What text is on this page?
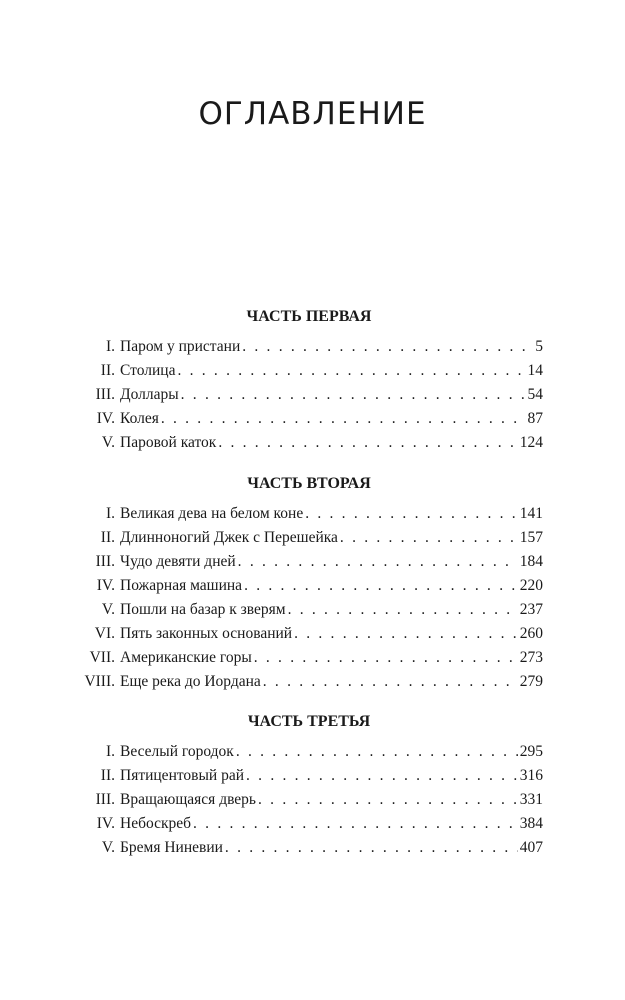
ОГЛАВЛЕНИЕ
ЧАСТЬ ПЕРВАЯ
I. Паром у пристани . . .	5
II. Столица . . .	14
III. Доллары . . .	54
IV. Колея . . .	87
V. Паровой каток . . .	124
ЧАСТЬ ВТОРАЯ
I. Великая дева на белом коне . . .	141
II. Длинноногий Джек с Перешейка . . .	157
III. Чудо девяти дней . . .	184
IV. Пожарная машина . . .	220
V. Пошли на базар к зверям . . .	237
VI. Пять законных оснований . . .	260
VII. Американские горы . . .	273
VIII. Еще река до Иордана . . .	279
ЧАСТЬ ТРЕТЬЯ
I. Веселый городок . . .	295
II. Пятицентовый рай . . .	316
III. Вращающаяся дверь . . .	331
IV. Небоскреб . . .	384
V. Бремя Ниневии . . .	407
